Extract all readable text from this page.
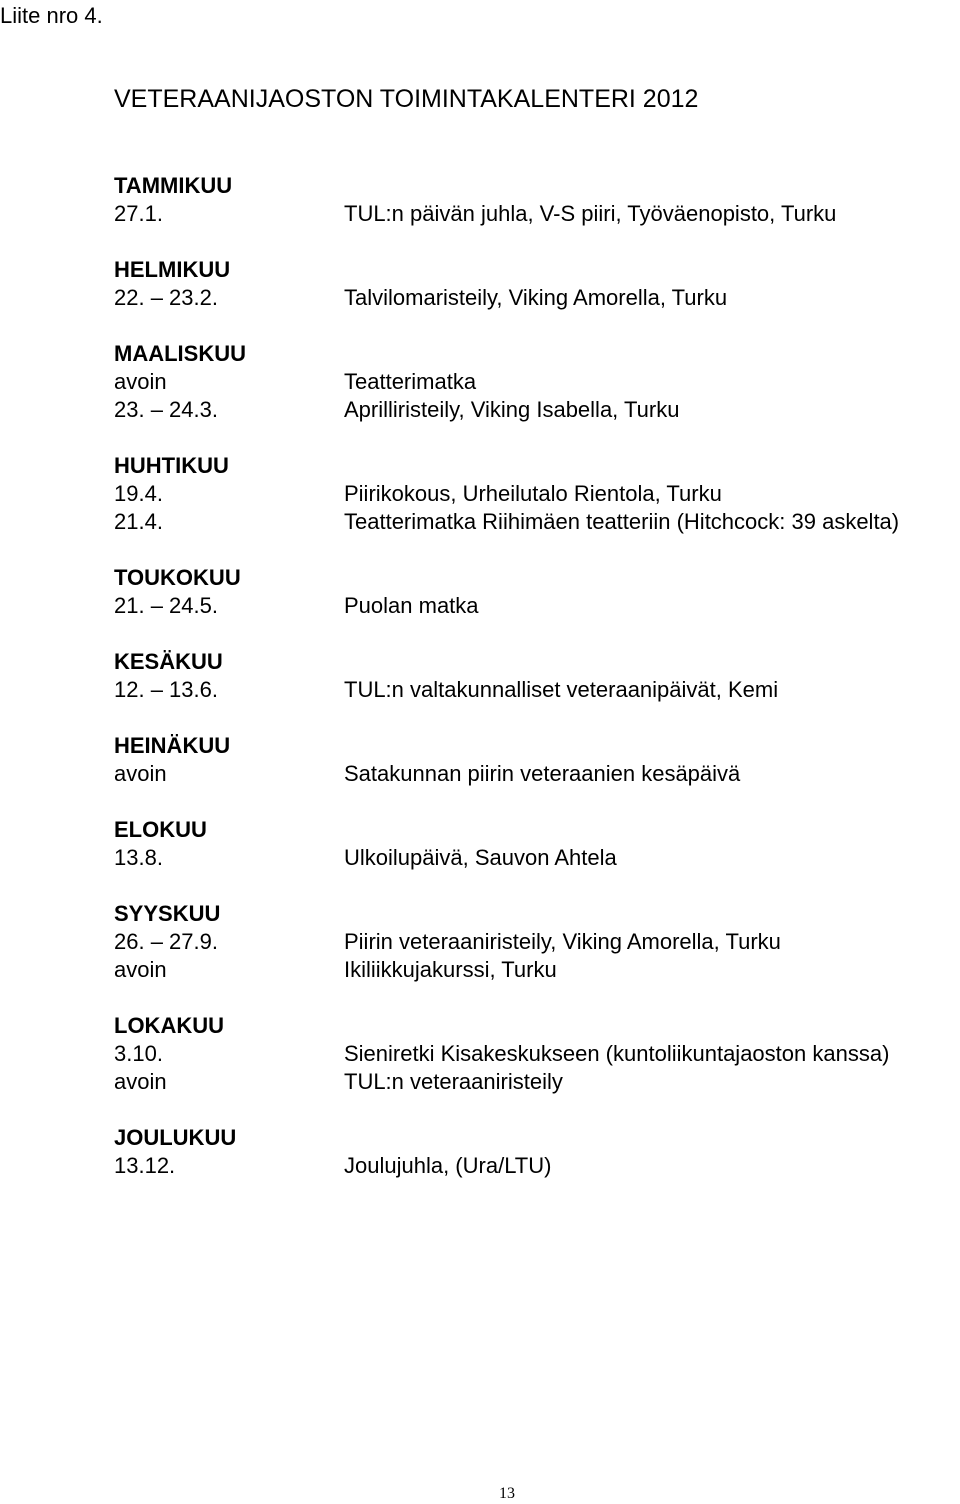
Liite nro 4.
VETERAANIJAOSTON TOIMINTAKALENTERI 2012
TAMMIKUU
27.1.	TUL:n päivän juhla, V-S piiri, Työväenopisto, Turku
HELMIKUU
22. – 23.2.	Talvilomaristeily, Viking Amorella, Turku
MAALISKUU
avoin	Teatterimatka
23. – 24.3.	Aprilliristeily, Viking Isabella, Turku
HUHTIKUU
19.4.	Piirikokous, Urheilutalo Rientola, Turku
21.4.	Teatterimatka Riihimäen teatteriin (Hitchcock: 39 askelta)
TOUKOKUU
21. – 24.5.	Puolan matka
KESÄKUU
12. – 13.6.	TUL:n valtakunnalliset veteraanipäivät, Kemi
HEINÄKUU
avoin	Satakunnan piirin veteraanien kesäpäivä
ELOKUU
13.8.	Ulkoilupäivä, Sauvon Ahtela
SYYSKUU
26. – 27.9.	Piirin veteraaniristeily, Viking Amorella, Turku
avoin	Ikiliikkujakurssi, Turku
LOKAKUU
3.10.	Sieniretki Kisakeskukseen (kuntoliikuntajaoston kanssa)
avoin	TUL:n veteraaniristeily
JOULUKUU
13.12.	Joulujuhla, (Ura/LTU)
13
